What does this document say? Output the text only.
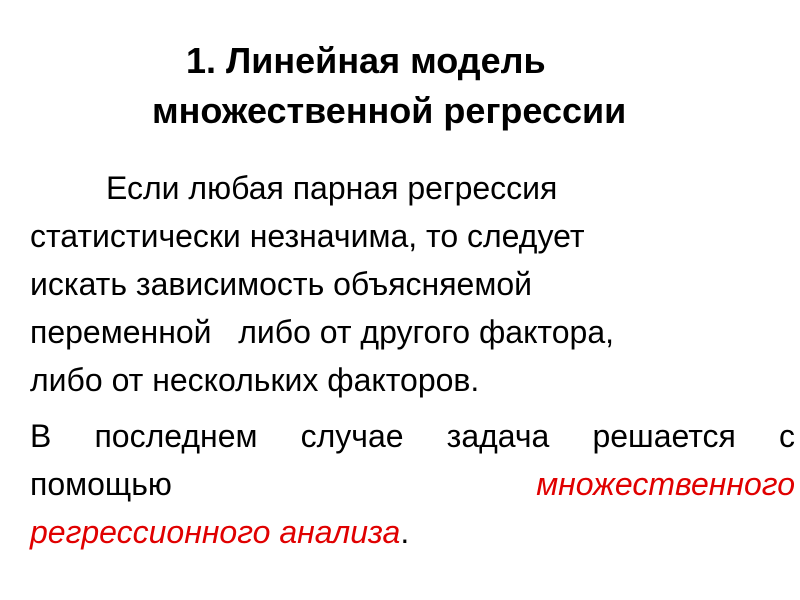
1. Линейная модель
множественной регрессии
Если любая парная регрессия
статистически незначима, то следует
искать зависимость объясняемой
переменной   либо от другого фактора,
либо от нескольких факторов.
В последнем случае задача решается с
помощью	множественного
регрессионного анализа .
